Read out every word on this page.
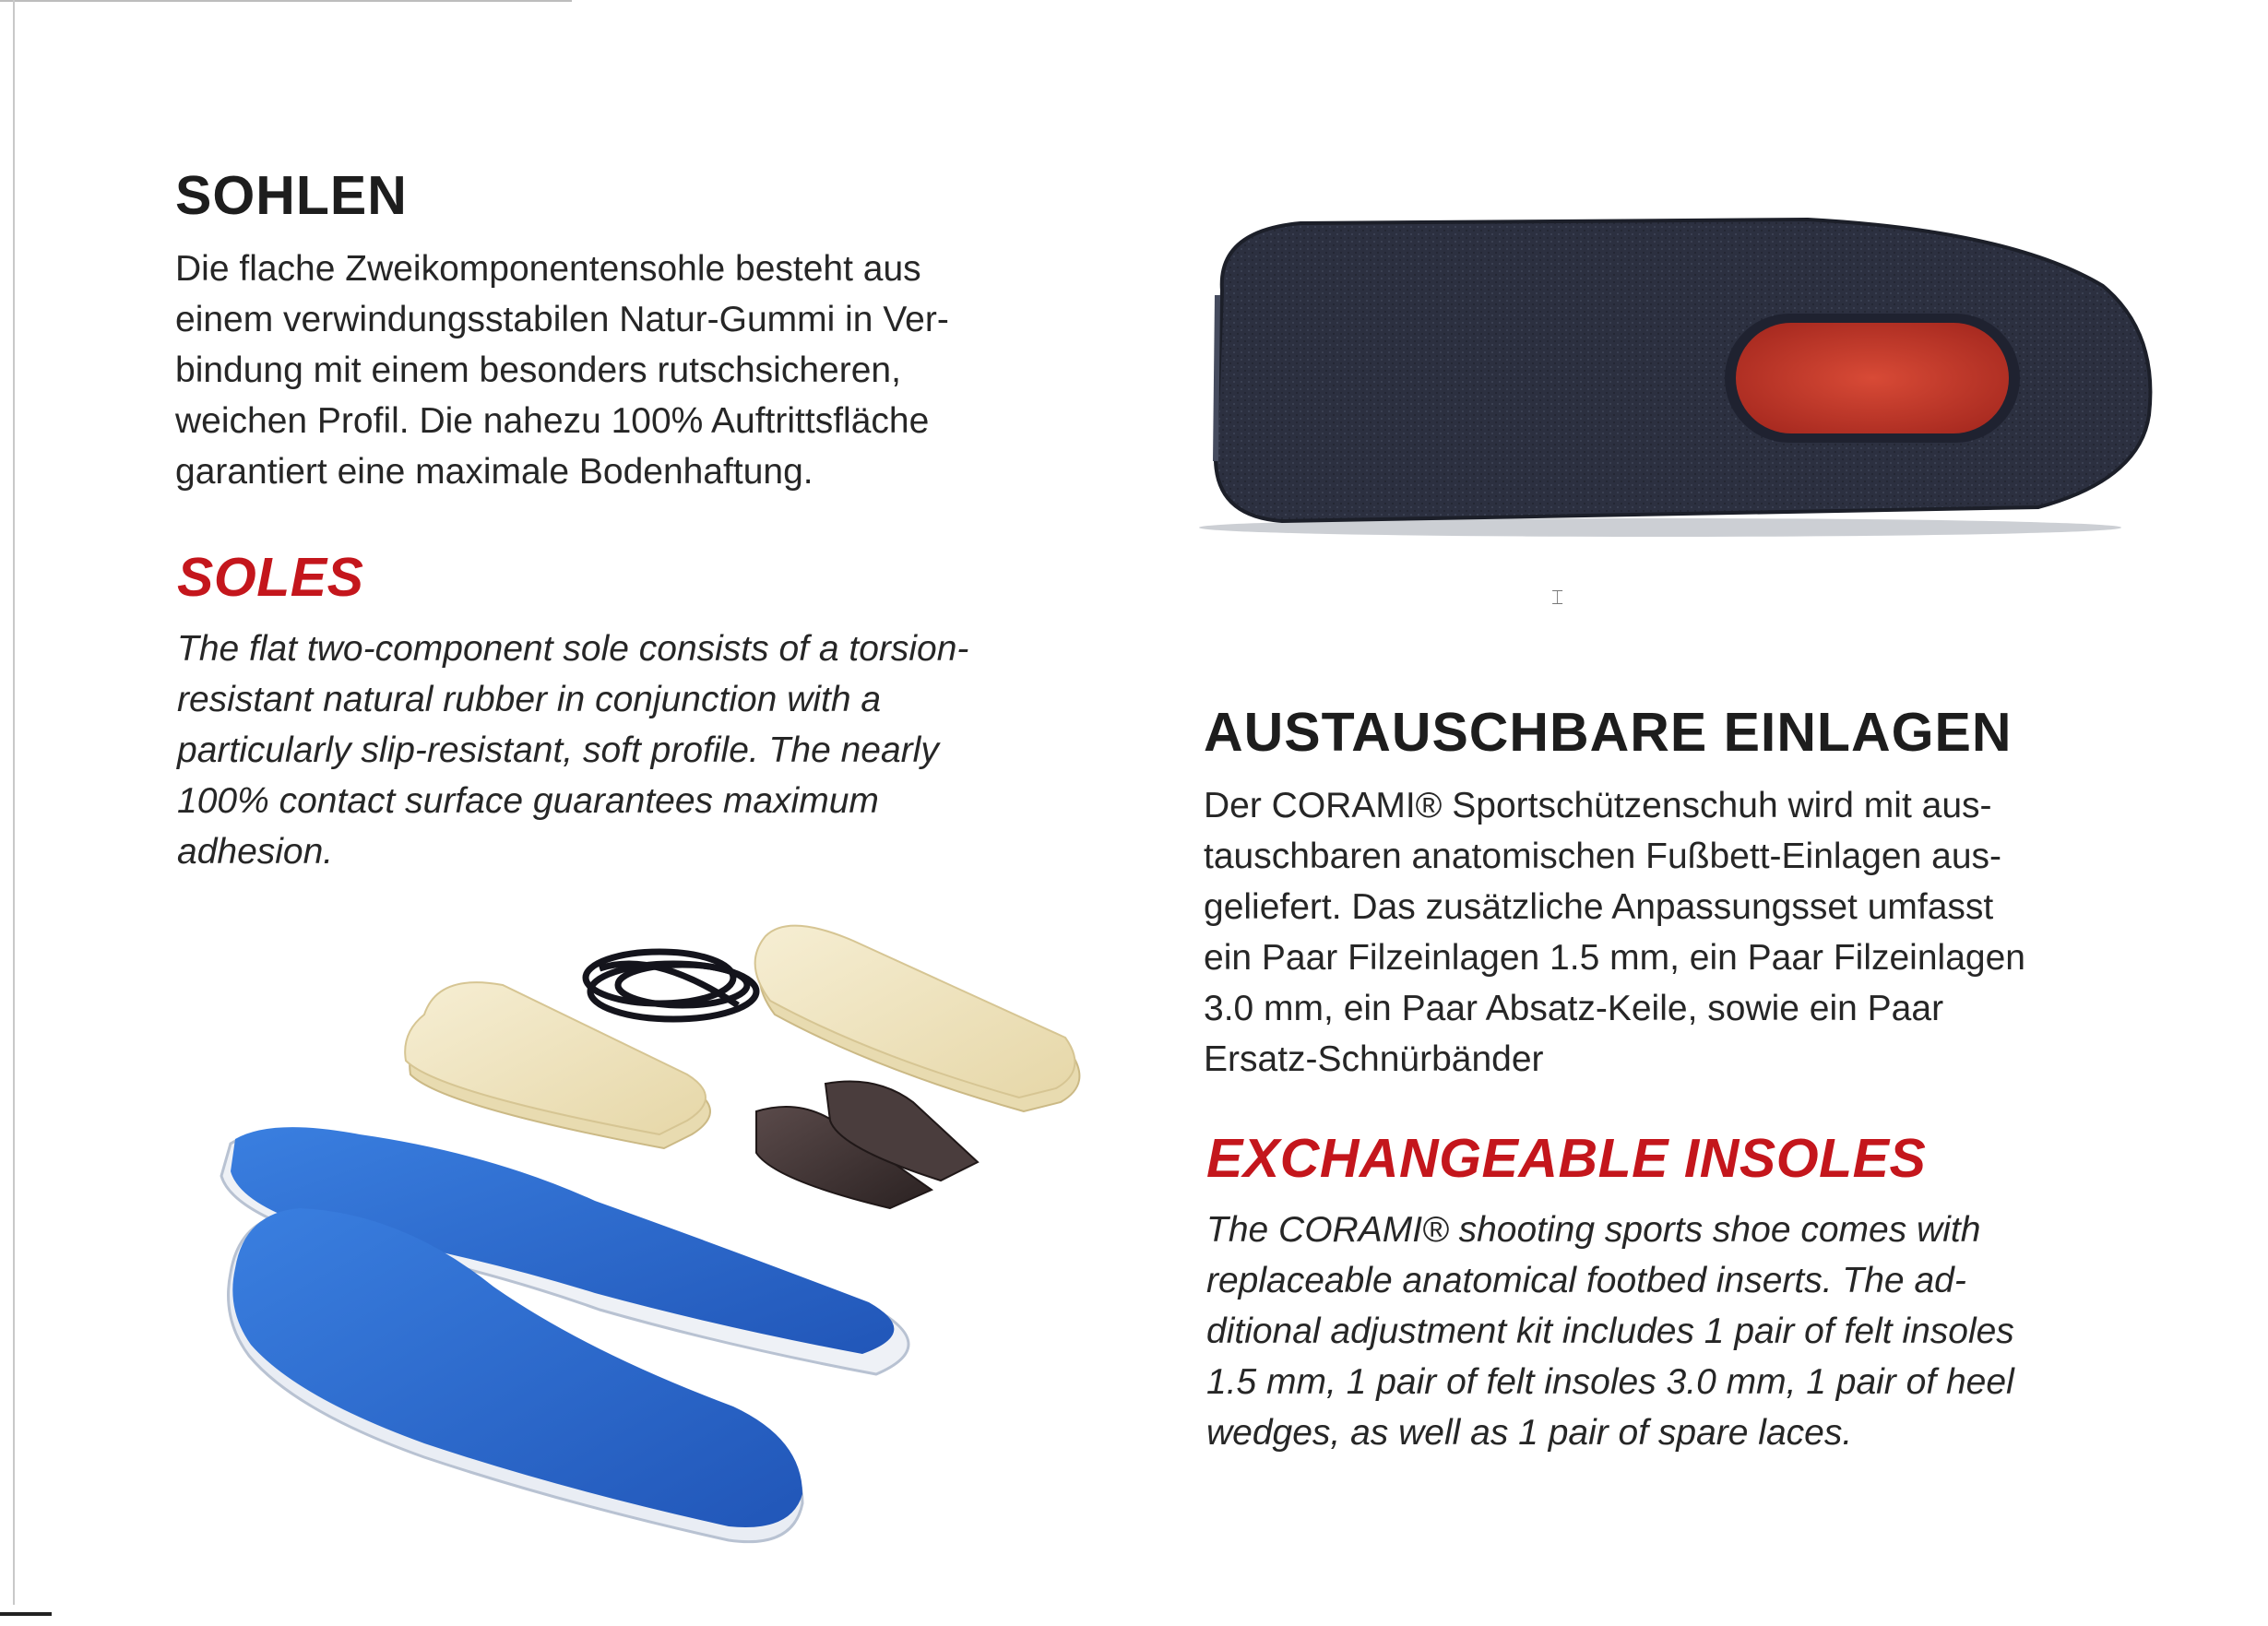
SOHLEN

Die flache Zweikomponentensohle besteht aus

einem verwindungsstabilen Natur-Gummi in Ver-

bindung mit einem besonders rutschsicheren,

weichen Profil. Die nahezu 100% Auftrittsfläche

garantiert eine maximale Bodenhaftung.

SOLES

The flat two-component sole consists of a torsion-

resistant natural rubber in conjunction with a

particularly slip-resistant, soft profile. The nearly

100% contact surface guarantees maximum

adhesion.

AUSTAUSCHBARE EINLAGEN

Der CORAMI® Sportschützenschuh wird mit aus-

tauschbaren anatomischen Fußbett-Einlagen aus-

geliefert. Das zusätzliche Anpassungsset umfasst

ein Paar Filzeinlagen 1.5 mm, ein Paar Filzeinlagen

3.0 mm, ein Paar Absatz-Keile, sowie ein Paar

Ersatz-Schnürbänder

EXCHANGEABLE INSOLES

The CORAMI® shooting sports shoe comes with

replaceable anatomical footbed inserts. The ad-

ditional adjustment kit includes 1 pair of felt insoles

1.5 mm, 1 pair of felt insoles 3.0 mm, 1 pair of heel

wedges, as well as 1 pair of spare laces.

⌶
